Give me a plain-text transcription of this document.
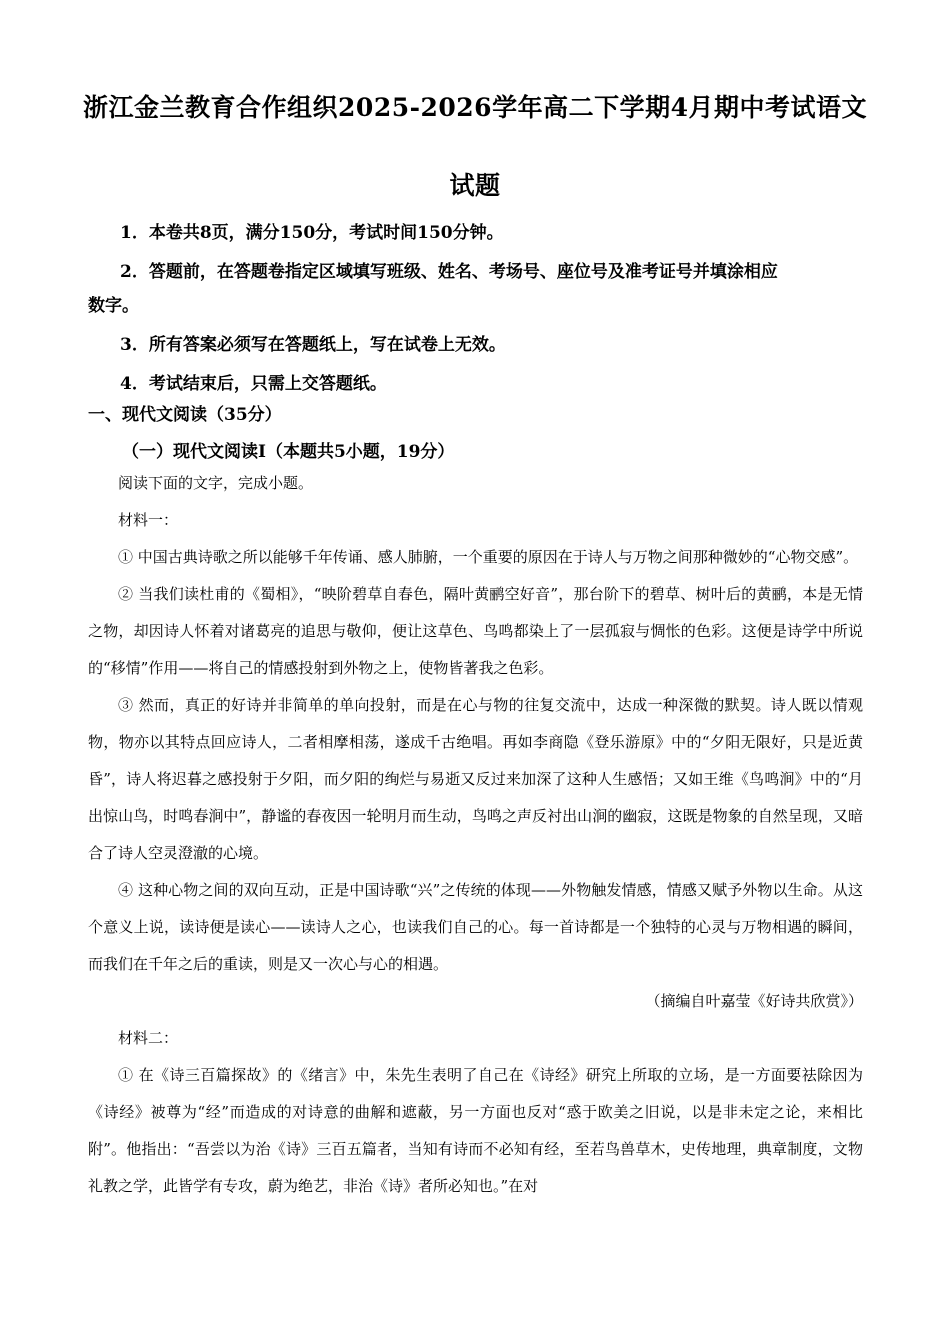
浙江金兰教育合作组织2025-2026学年高二下学期4月期中考试语文
试题
1．本卷共8页，满分150分，考试时间150分钟。
2．答题前，在答题卷指定区域填写班级、姓名、考场号、座位号及准考证号并填涂相应
数字。
3．所有答案必须写在答题纸上，写在试卷上无效。
4．考试结束后，只需上交答题纸。
一、现代文阅读（35分）
（一）现代文阅读Ⅰ（本题共5小题，19分）

阅读下面的文字，完成小题。

材料一：

① 中国古典诗歌之所以能够千年传诵、感人肺腑，一个重要的原因在于诗人与万物之间那种微妙的“心物交感”。

② 当我们读杜甫的《蜀相》，“映阶碧草自春色，隔叶黄鹂空好音”，那台阶下的碧草、树叶后的黄鹂，本是无情之物，却因诗人怀着对诸葛亮的追思与敬仰，便让这草色、鸟鸣都染上了一层孤寂与惆怅的色彩。这便是诗学中所说的“移情”作用——将自己的情感投射到外物之上，使物皆著我之色彩。

③ 然而，真正的好诗并非简单的单向投射，而是在心与物的往复交流中，达成一种深微的默契。诗人既以情观物，物亦以其特点回应诗人，二者相摩相荡，遂成千古绝唱。再如李商隐《登乐游原》中的“夕阳无限好，只是近黄昏”，诗人将迟暮之感投射于夕阳，而夕阳的绚烂与易逝又反过来加深了这种人生感悟；又如王维《鸟鸣涧》中的“月出惊山鸟，时鸣春涧中”，静谧的春夜因一轮明月而生动，鸟鸣之声反衬出山涧的幽寂，这既是物象的自然呈现，又暗合了诗人空灵澄澈的心境。

④ 这种心物之间的双向互动，正是中国诗歌“兴”之传统的体现——外物触发情感，情感又赋予外物以生命。从这个意义上说，读诗便是读心——读诗人之心，也读我们自己的心。每一首诗都是一个独特的心灵与万物相遇的瞬间，而我们在千年之后的重读，则是又一次心与心的相遇。

（摘编自叶嘉莹《好诗共欣赏》）

材料二：

① 在《诗三百篇探故》的《绪言》中，朱先生表明了自己在《诗经》研究上所取的立场，是一方面要祛除因为《诗经》被尊为“经”而造成的对诗意的曲解和遮蔽，另一方面也反对“惑于欧美之旧说，以是非未定之论，来相比附”。他指出：“吾尝以为治《诗》三百五篇者，当知有诗而不必知有经，至若鸟兽草木，史传地理，典章制度，文物礼教之学，此皆学有专攻，蔚为绝艺，非治《诗》者所必知也。”在对
